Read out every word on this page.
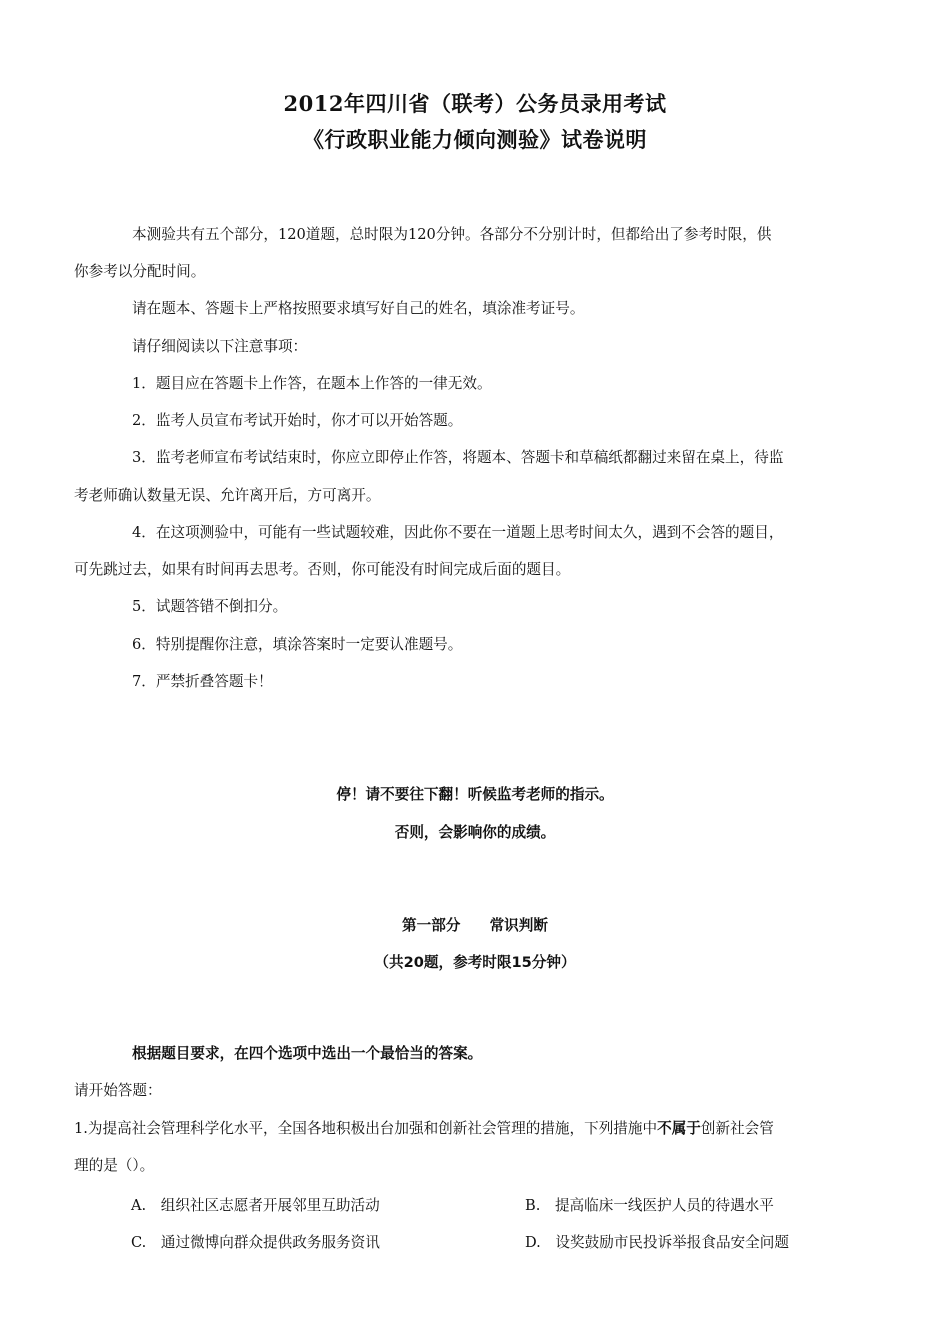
2012年四川省（联考）公务员录用考试
《行政职业能力倾向测验》试卷说明
本测验共有五个部分，120道题，总时限为120分钟。各部分不分别计时，但都给出了参考时限，供
你参考以分配时间。
请在题本、答题卡上严格按照要求填写好自己的姓名，填涂准考证号。
请仔细阅读以下注意事项：
1．题目应在答题卡上作答，在题本上作答的一律无效。
2．监考人员宣布考试开始时，你才可以开始答题。
3．监考老师宣布考试结束时，你应立即停止作答，将题本、答题卡和草稿纸都翻过来留在桌上，待监
考老师确认数量无误、允许离开后，方可离开。
4．在这项测验中，可能有一些试题较难，因此你不要在一道题上思考时间太久，遇到不会答的题目，
可先跳过去，如果有时间再去思考。否则，你可能没有时间完成后面的题目。
5．试题答错不倒扣分。
6．特别提醒你注意，填涂答案时一定要认准题号。
7．严禁折叠答题卡！
停！请不要往下翻！听候监考老师的指示。
否则，会影响你的成绩。
第一部分　　常识判断
（共20题，参考时限15分钟）
根据题目要求，在四个选项中选出一个最恰当的答案。
请开始答题：
1.为提高社会管理科学化水平，全国各地积极出台加强和创新社会管理的措施，下列措施中不属于创新社会管
理的是（）。
A.　组织社区志愿者开展邻里互助活动	B.　提高临床一线医护人员的待遇水平
C.　通过微博向群众提供政务服务资讯	D.　设奖鼓励市民投诉举报食品安全问题
